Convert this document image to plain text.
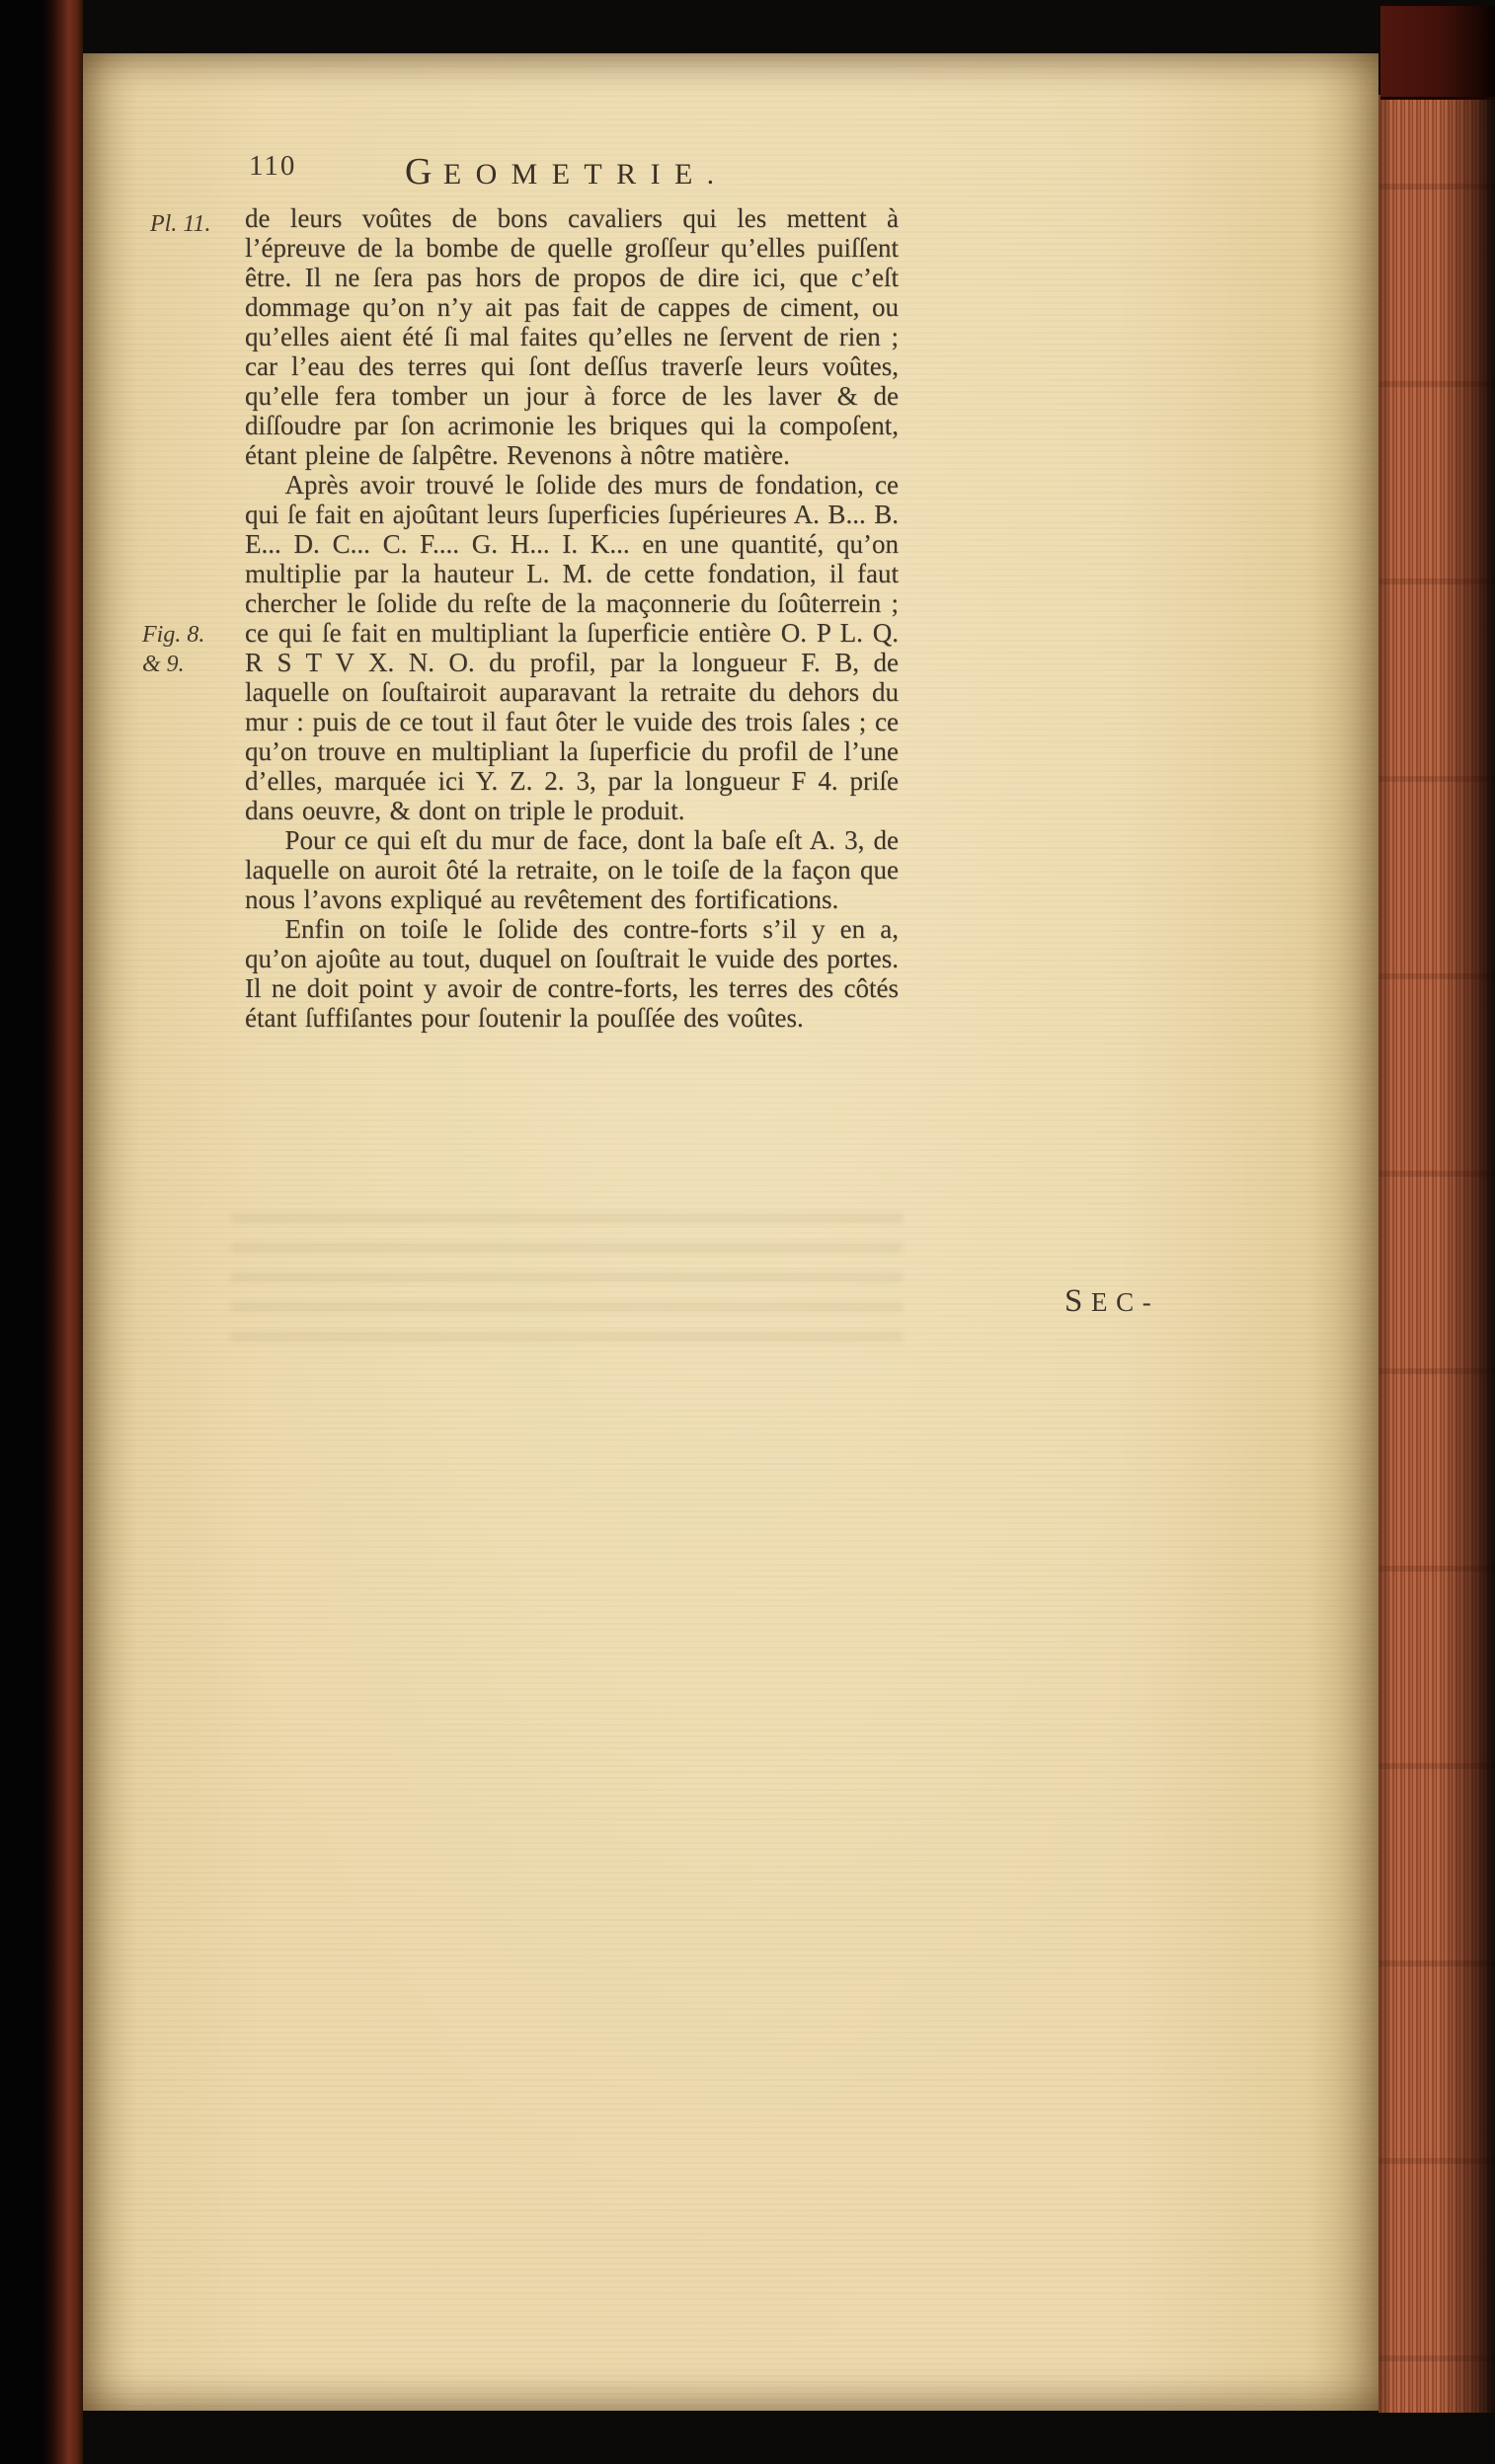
110	GEOMETRIE.
Pl. 11.
Fig. 8.
& 9.

de leurs voûtes de bons cavaliers qui les mettent à l’épreuve de la bombe de quelle groſſeur qu’elles puiſſent être. Il ne ſera pas hors de propos de dire ici, que c’eſt dommage qu’on n’y ait pas fait de cappes de ciment, ou qu’elles aient été ſi mal faites qu’elles ne ſervent de rien ; car l’eau des terres qui ſont deſſus traverſe leurs voûtes, qu’elle fera tomber un jour à force de les laver & de diſſoudre par ſon acrimonie les briques qui la compoſent, étant pleine de ſalpêtre. Revenons à nôtre matière.

Après avoir trouvé le ſolide des murs de fondation, ce qui ſe fait en ajoûtant leurs ſuperficies ſupérieures A. B... B. E... D. C... C. F.... G. H... I. K... en une quantité, qu’on multiplie par la hauteur L. M. de cette fondation, il faut chercher le ſolide du reſte de la maçonnerie du ſoûterrein ; ce qui ſe fait en multipliant la ſuperficie entière O. P L. Q. R S T V X. N. O. du profil, par la longueur F. B, de laquelle on ſouſtairoit auparavant la retraite du dehors du mur : puis de ce tout il faut ôter le vuide des trois ſales ; ce qu’on trouve en multipliant la ſuperficie du profil de l’une d’elles, marquée ici Y. Z. 2. 3, par la longueur F 4. priſe dans oeuvre, & dont on triple le produit.

Pour ce qui eſt du mur de face, dont la baſe eſt A. 3, de laquelle on auroit ôté la retraite, on le toiſe de la façon que nous l’avons expliqué au revêtement des fortifications.

Enfin on toiſe le ſolide des contre-forts s’il y en a, qu’on ajoûte au tout, duquel on ſouſtrait le vuide des portes. Il ne doit point y avoir de contre-forts, les terres des côtés étant ſuffiſantes pour ſoutenir la pouſſée des voûtes.

SEC-
